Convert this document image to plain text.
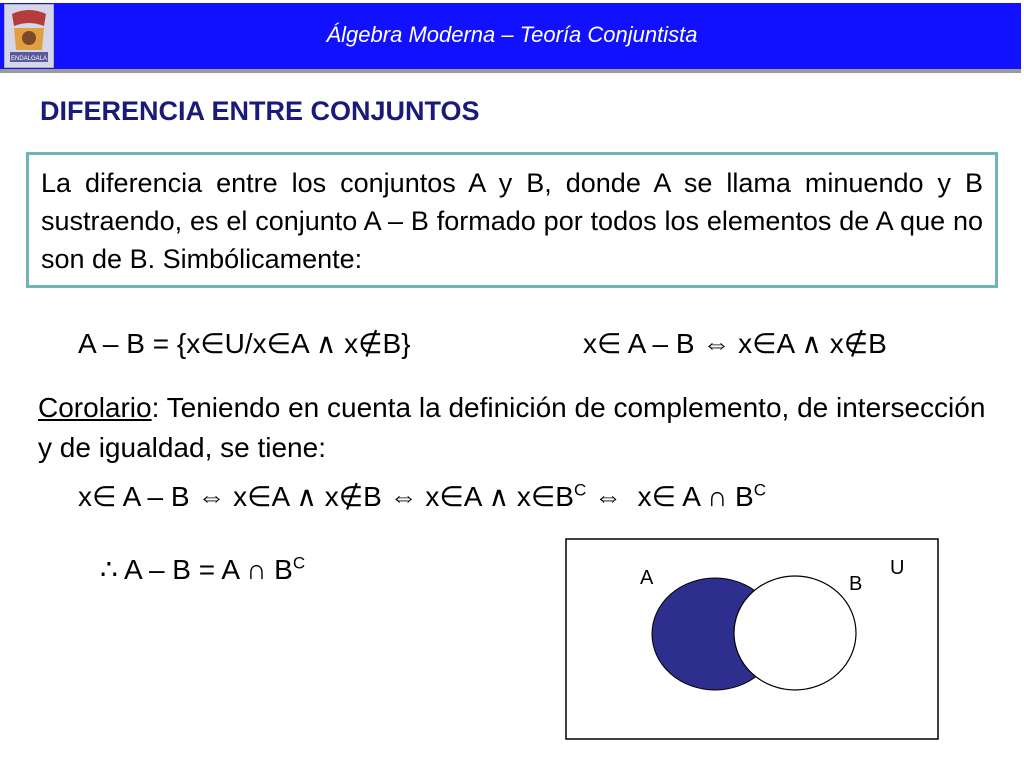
ENDALGALA
Álgebra Moderna – Teoría Conjuntista
DIFERENCIA ENTRE CONJUNTOS
La diferencia entre los conjuntos A y B, donde A se llama minuendo y B sustraendo, es el conjunto A – B formado por todos los elementos de A que no son de B. Simbólicamente:
A – B = {x∈U/x∈A ∧ x∉B}	x∈ A – B ⇔ x∈A ∧ x∉B
Corolario: Teniendo en cuenta la definición de complemento, de intersección y de igualdad, se tiene:
x∈ A – B ⇔ x∈A ∧ x∉B ⇔ x∈A ∧ $x\in B^C$ ⇔  x∈ A ∩ $B^C$
∴ A – B = A ∩ $B^C$
A	B
U
